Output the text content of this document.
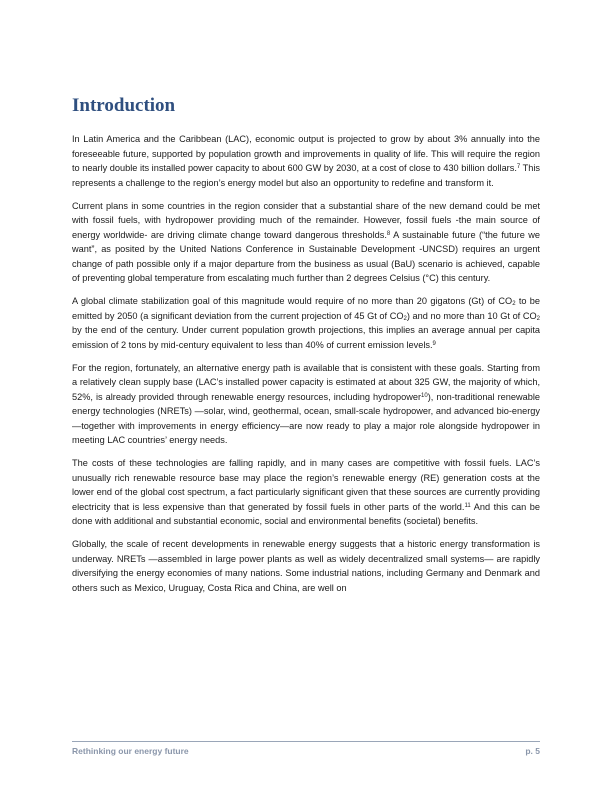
Introduction

In Latin America and the Caribbean (LAC), economic output is projected to grow by about 3% annually into the foreseeable future, supported by population growth and improvements in quality of life. This will require the region to nearly double its installed power capacity to about 600 GW by 2030, at a cost of close to 430 billion dollars.$^7$ This represents a challenge to the region’s energy model but also an opportunity to redefine and transform it.

Current plans in some countries in the region consider that a substantial share of the new demand could be met with fossil fuels, with hydropower providing much of the remainder. However, fossil fuels -the main source of energy worldwide- are driving climate change toward dangerous thresholds.$^8$ A sustainable future (“the future we want”, as posited by the United Nations Conference in Sustainable Development -UNCSD) requires an urgent change of path possible only if a major departure from the business as usual (BaU) scenario is achieved, capable of preventing global temperature from escalating much further than 2 degrees Celsius (°C) this century.

A global climate stabilization goal of this magnitude would require of no more than 20 gigatons (Gt) of $CO_2$ to be emitted by 2050 (a significant deviation from the current projection of 45 Gt of $CO_2$) and no more than 10 Gt of $CO_2$ by the end of the century. Under current population growth projections, this implies an average annual per capita emission of 2 tons by mid-century equivalent to less than 40% of current emission levels.$^9$

For the region, fortunately, an alternative energy path is available that is consistent with these goals. Starting from a relatively clean supply base (LAC’s installed power capacity is estimated at about 325 GW, the majority of which, 52%, is already provided through renewable energy resources, including hydropower$^{10}$), non-traditional renewable energy technologies (NRETs) —solar, wind, geothermal, ocean, small-scale hydropower, and advanced bio-energy—together with improvements in energy efficiency—are now ready to play a major role alongside hydropower in meeting LAC countries’ energy needs.

The costs of these technologies are falling rapidly, and in many cases are competitive with fossil fuels. LAC’s unusually rich renewable resource base may place the region’s renewable energy (RE) generation costs at the lower end of the global cost spectrum, a fact particularly significant given that these sources are currently providing electricity that is less expensive than that generated by fossil fuels in other parts of the world.$^{11}$ And this can be done with additional and substantial economic, social and environmental benefits (societal) benefits.

Globally, the scale of recent developments in renewable energy suggests that a historic energy transformation is underway. NRETs —assembled in large power plants as well as widely decentralized small systems— are rapidly diversifying the energy economies of many nations. Some industrial nations, including Germany and Denmark and others such as Mexico, Uruguay, Costa Rica and China, are well on

Rethinking our energy future	p. 5
